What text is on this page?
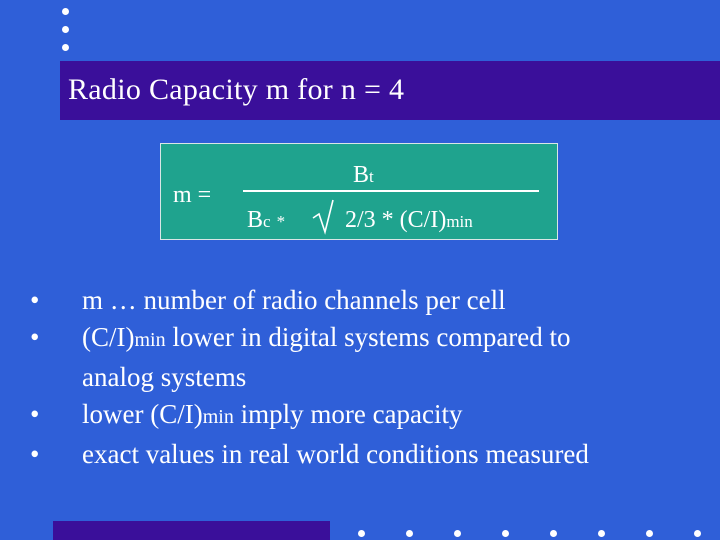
Radio Capacity m for n = 4
m =
Bt
Bc * 2/3 * (C/I)min
• m … number of radio channels per cell
• (C/I)min lower in digital systems compared to
analog systems
• lower (C/I)min imply more capacity
• exact values in real world conditions measured
